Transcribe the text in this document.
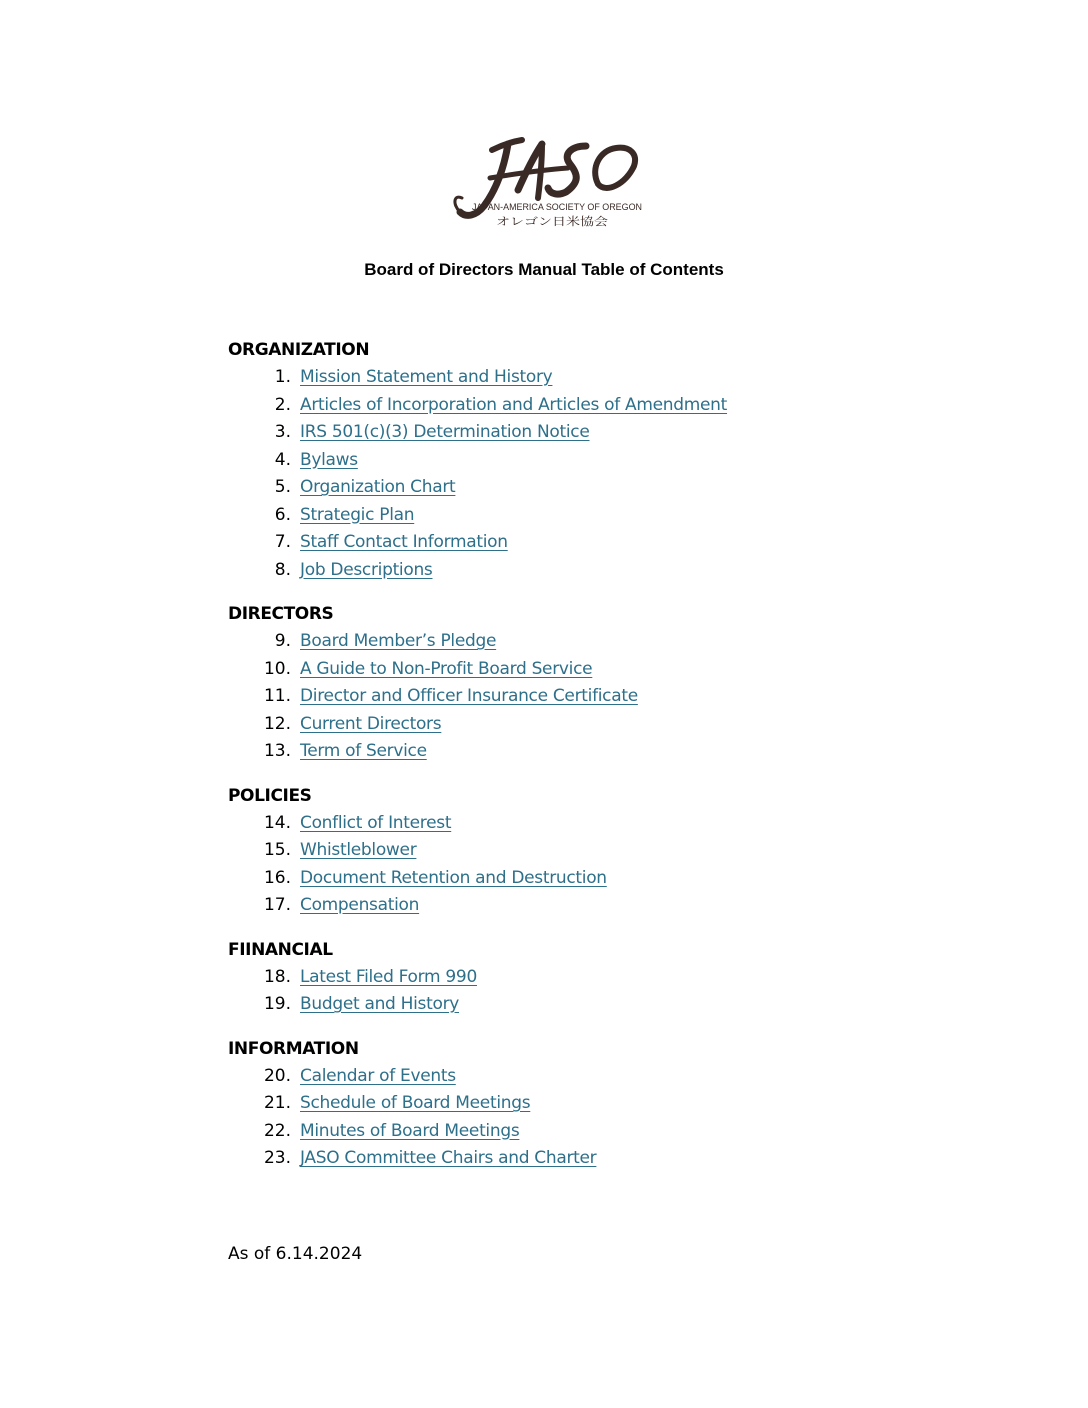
JAPAN-AMERICA SOCIETY OF OREGON
オレゴン日米協会
Board of Directors Manual Table of Contents
ORGANIZATION
1. Mission Statement and History
2. Articles of Incorporation and Articles of Amendment
3. IRS 501(c)(3) Determination Notice
4. Bylaws
5. Organization Chart
6. Strategic Plan
7. Staff Contact Information
8. Job Descriptions
DIRECTORS
9. Board Member’s Pledge
10. A Guide to Non-Profit Board Service
11. Director and Officer Insurance Certificate
12. Current Directors
13. Term of Service
POLICIES
14. Conflict of Interest
15. Whistleblower
16. Document Retention and Destruction
17. Compensation
FIINANCIAL
18. Latest Filed Form 990
19. Budget and History
INFORMATION
20. Calendar of Events
21. Schedule of Board Meetings
22. Minutes of Board Meetings
23. JASO Committee Chairs and Charter
As of 6.14.2024
